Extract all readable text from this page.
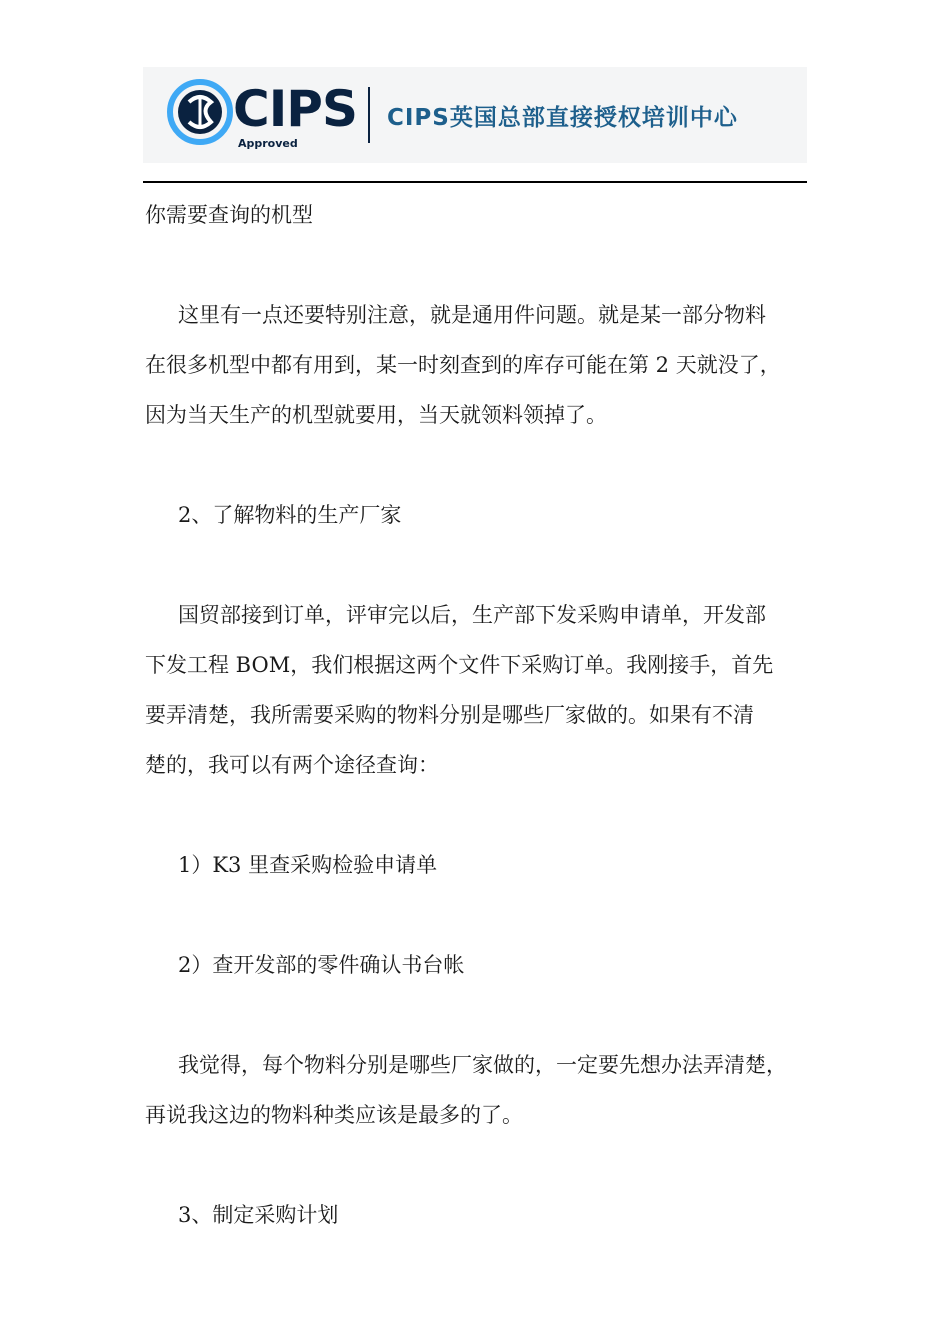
CIPS
Approved
CIPS英国总部直接授权培训中心

你需要查询的机型

这里有一点还要特别注意，就是通用件问题。就是某一部分物料

在很多机型中都有用到，某一时刻查到的库存可能在第 2 天就没了，

因为当天生产的机型就要用，当天就领料领掉了。

2、了解物料的生产厂家

国贸部接到订单，评审完以后，生产部下发采购申请单，开发部

下发工程 BOM，我们根据这两个文件下采购订单。我刚接手，首先

要弄清楚，我所需要采购的物料分别是哪些厂家做的。如果有不清

楚的，我可以有两个途径查询：

1）K3 里查采购检验申请单

2）查开发部的零件确认书台帐

我觉得，每个物料分别是哪些厂家做的，一定要先想办法弄清楚，

再说我这边的物料种类应该是最多的了。

3、制定采购计划
